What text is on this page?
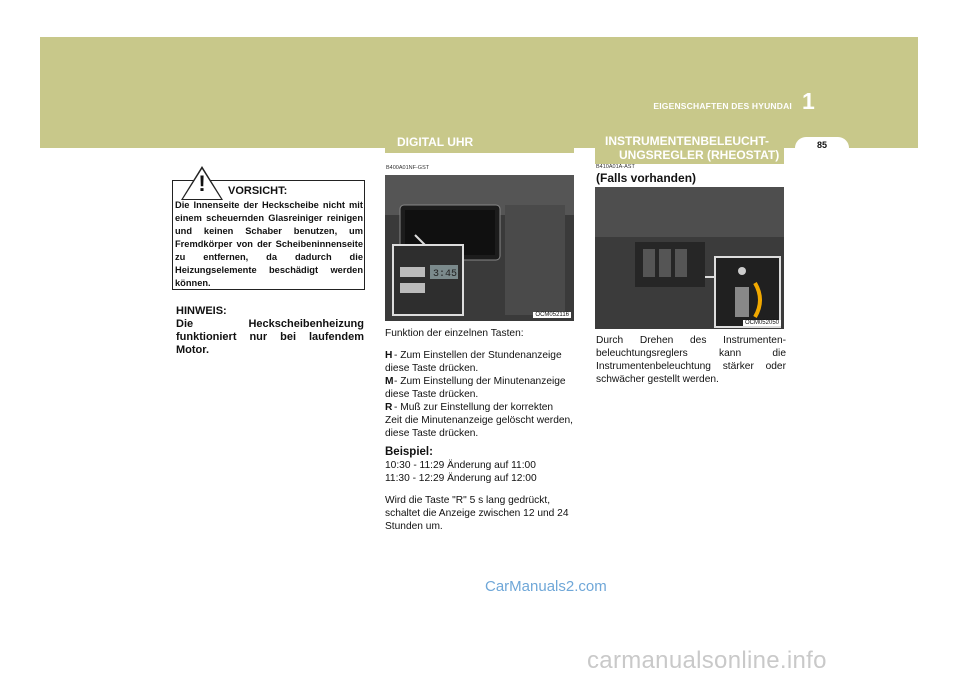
EIGENSCHAFTEN DES HYUNDAI 1
85
! VORSICHT:
Die Innenseite der Heckscheibe nicht mit einem scheuernden Glasreiniger reinigen und keinen Schaber benutzen, um Fremdkörper von der Scheibeninnenseite zu entfernen, da dadurch die Heizungselemente beschädigt werden können.
HINWEIS:
Die Heckscheibenheizung funktioniert nur bei laufendem Motor.
DIGITAL UHR
B400A01NF-GST
3:45
OCM052116
Funktion der einzelnen Tasten:
H - Zum Einstellen der Stundenanzeige
diese Taste drücken.
M - Zum Einstellung der Minutenanzeige
diese Taste drücken.
R - Muß zur Einstellung der korrekten
Zeit die Minutenanzeige gelöscht werden, diese Taste drücken.
Beispiel:
10:30 - 11:29 Änderung auf 11:00
11:30 - 12:29 Änderung auf 12:00
Wird die Taste "R" 5 s lang gedrückt, schaltet die Anzeige zwischen 12 und 24 Stunden um.
INSTRUMENTENBELEUCHT-
UNGSREGLER (RHEOSTAT)
B410A01A-AST
(Falls vorhanden)
OCM052050
Durch Drehen des Instrumenten-beleuchtungsreglers kann die Instrumentenbeleuchtung stärker oder schwächer gestellt werden.
CarManuals2.com
carmanualsonline.info
